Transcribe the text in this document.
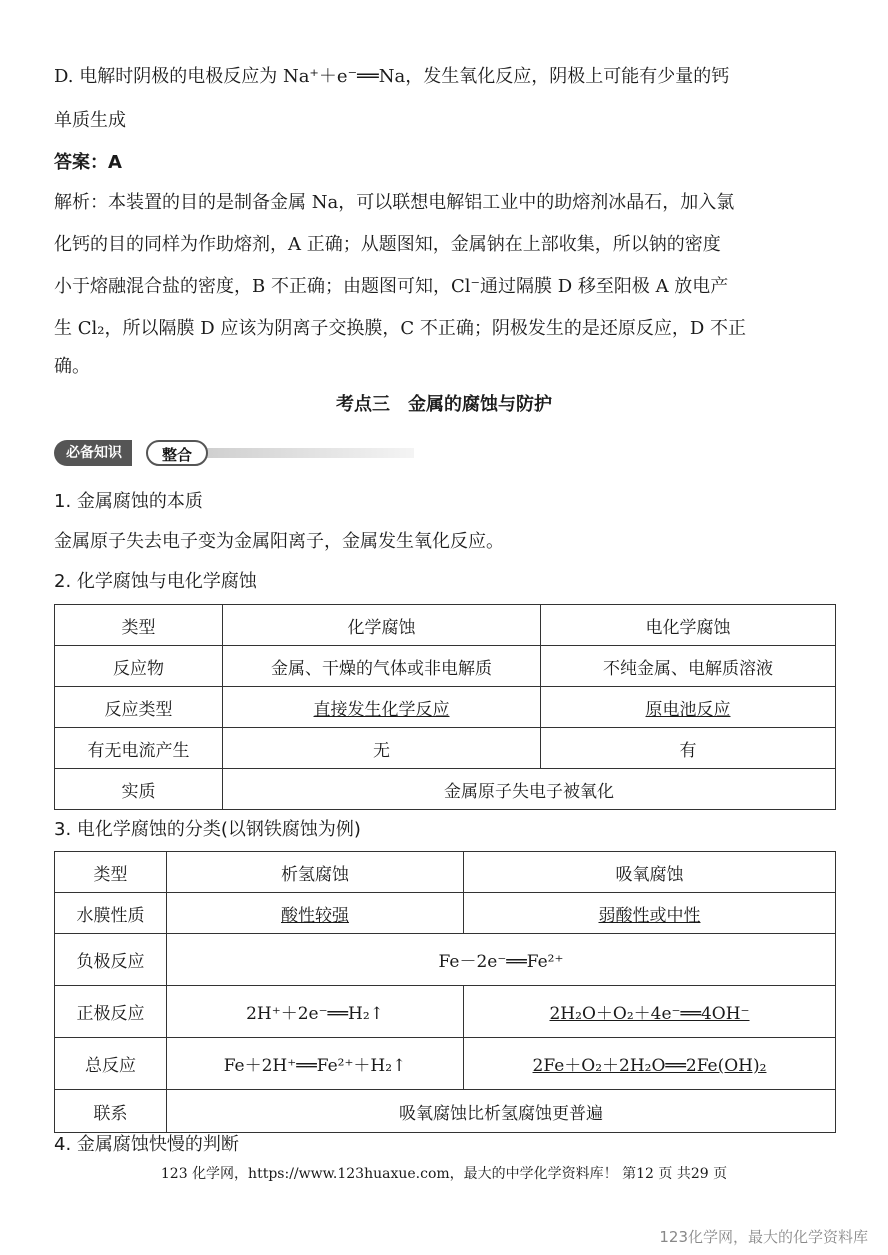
D. 电解时阴极的电极反应为 Na⁺＋e⁻══Na，发生氧化反应，阴极上可能有少量的钙
单质生成
答案：A
解析：本装置的目的是制备金属 Na，可以联想电解铝工业中的助熔剂冰晶石，加入氯
化钙的目的同样为作助熔剂，A 正确；从题图知，金属钠在上部收集，所以钠的密度
小于熔融混合盐的密度，B 不正确；由题图可知，Cl⁻通过隔膜 D 移至阳极 A 放电产
生 Cl₂，所以隔膜 D 应该为阴离子交换膜，C 不正确；阴极发生的是还原反应，D 不正
确。
考点三　金属的腐蚀与防护
必备知识	整合
1. 金属腐蚀的本质
金属原子失去电子变为金属阳离子，金属发生氧化反应。
2. 化学腐蚀与电化学腐蚀
类型	化学腐蚀	电化学腐蚀
反应物	金属、干燥的气体或非电解质	不纯金属、电解质溶液
反应类型	直接发生化学反应	原电池反应
有无电流产生	无	有
实质	金属原子失电子被氧化	
3. 电化学腐蚀的分类(以钢铁腐蚀为例)
类型	析氢腐蚀	吸氧腐蚀
水膜性质	酸性较强	弱酸性或中性
负极反应	Fe－2e⁻══Fe²⁺	
正极反应	2H⁺＋2e⁻══H₂↑	2H₂O＋O₂＋4e⁻══4OH⁻
总反应	Fe＋2H⁺══Fe²⁺＋H₂↑	2Fe＋O₂＋2H₂O══2Fe(OH)₂
联系	吸氧腐蚀比析氢腐蚀更普遍	
4. 金属腐蚀快慢的判断
123 化学网，https://www.123huaxue.com，最大的中学化学资料库！ 第12 页 共29 页
123化学网，最大的化学资料库
